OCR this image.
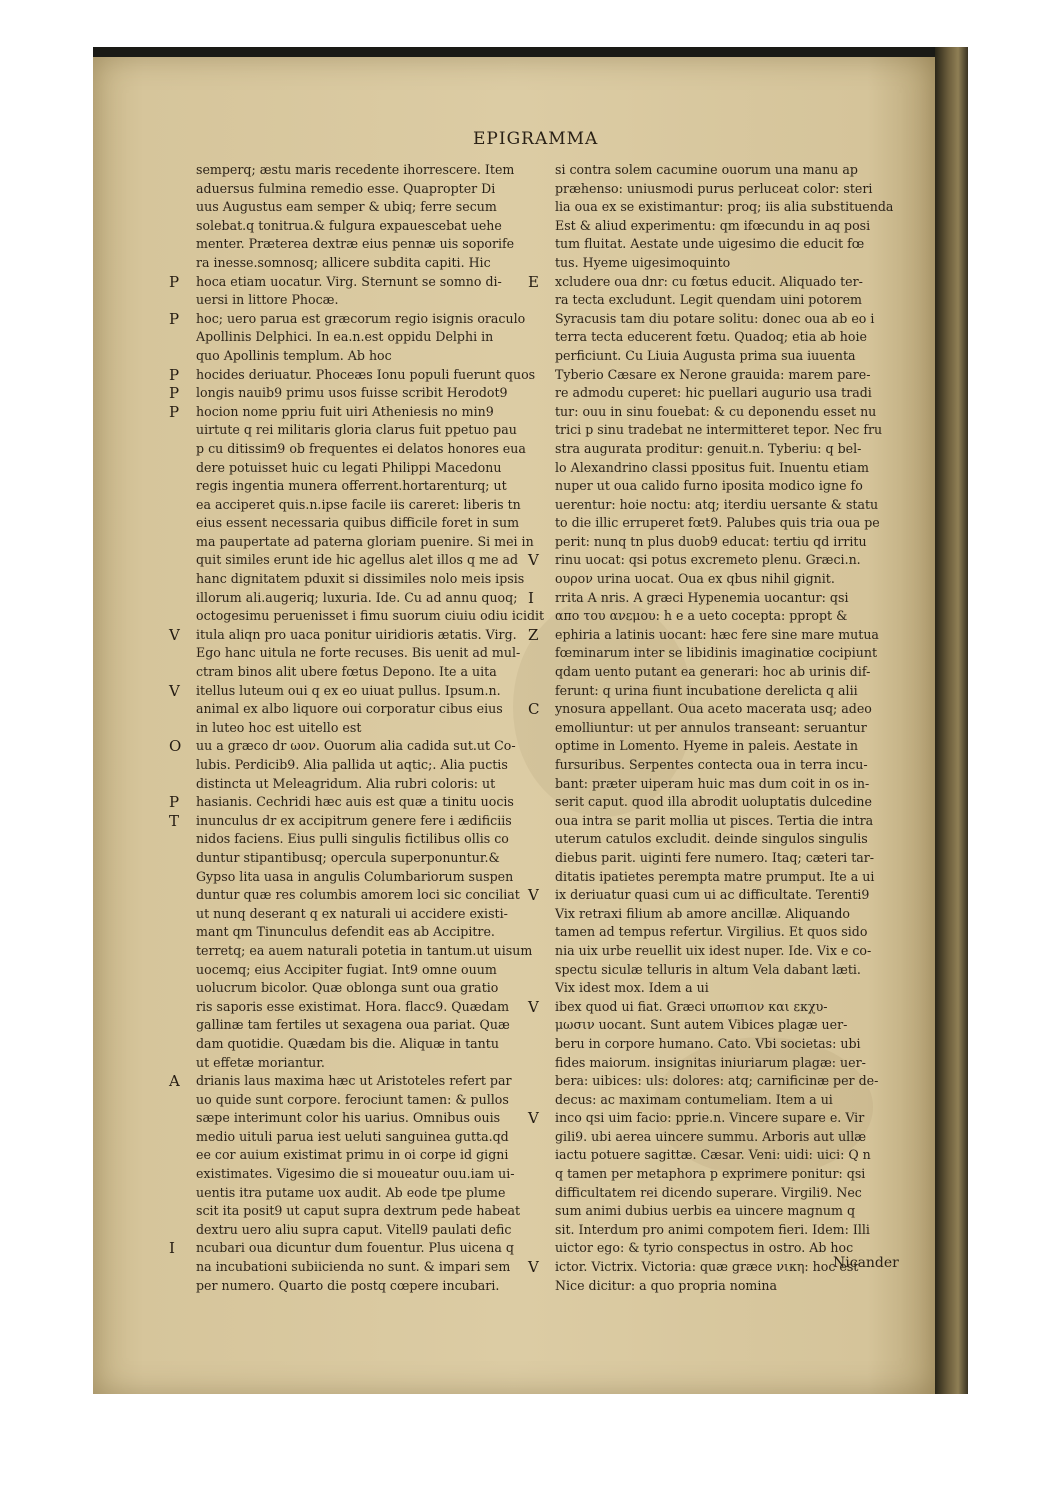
EPIGRAMMA
semperq; æstu maris recedente ihorrescere. Item
aduersus fulmina remedio esse. Quapropter Di
uus Augustus eam semper & ubiq; ferre secum
solebat.q tonitrua.& fulgura expauescebat uehe
menter. Præterea dextræ eius pennæ uis soporife
ra inesse.somnosq; allicere subdita capiti. Hic
P hoca etiam uocatur. Virg. Sternunt se somno di-
uersi in littore Phocæ.
P hoc; uero parua est græcorum regio isignis oraculo
Apollinis Delphici. In ea.n.est oppidu Delphi in
quo Apollinis templum. Ab hoc
P hocides deriuatur. Phoceæs Ionu populi fuerunt quos
P longis nauib9 primu usos fuisse scribit Herodot9
P hocion nome ppriu fuit uiri Atheniesis no min9
uirtute q rei militaris gloria clarus fuit ppetuo pau
p cu ditissim9 ob frequentes ei delatos honores eua
dere potuisset huic cu legati Philippi Macedonu
regis ingentia munera offerrent.hortarenturq; ut
ea acciperet quis.n.ipse facile iis careret: liberis tn
eius essent necessaria quibus difficile foret in sum
ma paupertate ad paterna gloriam puenire. Si mei in
quit similes erunt ide hic agellus alet illos q me ad
hanc dignitatem pduxit si dissimiles nolo meis ipsis
illorum ali.augeriq; luxuria. Ide. Cu ad annu quoq;
octogesimu peruenisset i fimu suorum ciuiu odiu icidit
V itula aliqn pro uaca ponitur uiridioris ætatis. Virg.
Ego hanc uitula ne forte recuses. Bis uenit ad mul-
ctram binos alit ubere fœtus Depono. Ite a uita
V itellus luteum oui q ex eo uiuat pullus. Ipsum.n.
animal ex albo liquore oui corporatur cibus eius
in luteo hoc est uitello est
O uu a græco dr ωον. Ouorum alia cadida sut.ut Co-
lubis. Perdicib9. Alia pallida ut aqtic;. Alia puctis
distincta ut Meleagridum. Alia rubri coloris: ut
P hasianis. Cechridi hæc auis est quæ a tinitu uocis
T inunculus dr ex accipitrum genere fere i ædificiis
nidos faciens. Eius pulli singulis fictilibus ollis co
duntur stipantibusq; opercula superponuntur.&
Gypso lita uasa in angulis Columbariorum suspen
duntur quæ res columbis amorem loci sic conciliat
ut nunq deserant q ex naturali ui accidere existi-
mant qm Tinunculus defendit eas ab Accipitre.
terretq; ea auem naturali potetia in tantum.ut uisum
uocemq; eius Accipiter fugiat. Int9 omne ouum
uolucrum bicolor. Quæ oblonga sunt oua gratio
ris saporis esse existimat. Hora. flacc9. Quædam
gallinæ tam fertiles ut sexagena oua pariat. Quæ
dam quotidie. Quædam bis die. Aliquæ in tantu
ut effetæ moriantur.
A drianis laus maxima hæc ut Aristoteles refert par
uo quide sunt corpore. ferociunt tamen: & pullos
sæpe interimunt color his uarius. Omnibus ouis
medio uituli parua iest ueluti sanguinea gutta.qd
ee cor auium existimat primu in oi corpe id gigni
existimates. Vigesimo die si moueatur ouu.iam ui-
uentis itra putame uox audit. Ab eode tpe plume
scit ita posit9 ut caput supra dextrum pede habeat
dextru uero aliu supra caput. Vitell9 paulati defic
I ncubari oua dicuntur dum fouentur. Plus uicena q
na incubationi subiicienda no sunt. & impari sem
per numero. Quarto die postq cœpere incubari.
si contra solem cacumine ouorum una manu ap
præhenso: uniusmodi purus perluceat color: steri
lia oua ex se existimantur: proq; iis alia substituenda
Est & aliud experimentu: qm ifœcundu in aq posi
tum fluitat. Aestate unde uigesimo die educit fœ
tus. Hyeme uigesimoquinto
E xcludere oua dnr: cu fœtus educit. Aliquado ter-
ra tecta excludunt. Legit quendam uini potorem
Syracusis tam diu potare solitu: donec oua ab eo i
terra tecta educerent fœtu. Quadoq; etia ab hoie
perficiunt. Cu Liuia Augusta prima sua iuuenta
Tyberio Cæsare ex Nerone grauida: marem pare-
re admodu cuperet: hic puellari augurio usa tradi
tur: ouu in sinu fouebat: & cu deponendu esset nu
trici p sinu tradebat ne intermitteret tepor. Nec fru
stra augurata proditur: genuit.n. Tyberiu: q bel-
lo Alexandrino classi ppositus fuit. Inuentu etiam
nuper ut oua calido furno iposita modico igne fo
uerentur: hoie noctu: atq; iterdiu uersante & statu
to die illic erruperet fœt9. Palubes quis tria oua pe
perit: nunq tn plus duob9 educat: tertiu qd irritu
V rinu uocat: qsi potus excremeto plenu. Græci.n.
ουρον urina uocat. Oua ex qbus nihil gignit.
I rrita A nris. A græci Hypenemia uocantur: qsi
απο του ανεμου: h e a ueto cocepta: ppropt &
Z ephiria a latinis uocant: hæc fere sine mare mutua
fœminarum inter se libidinis imaginatiœ cocipiunt
qdam uento putant ea generari: hoc ab urinis dif-
ferunt: q urina fiunt incubatione derelicta q alii
C ynosura appellant. Oua aceto macerata usq; adeo
emolliuntur: ut per annulos transeant: seruantur
optime in Lomento. Hyeme in paleis. Aestate in
fursuribus. Serpentes contecta oua in terra incu-
bant: præter uiperam huic mas dum coit in os in-
serit caput. quod illa abrodit uoluptatis dulcedine
oua intra se parit mollia ut pisces. Tertia die intra
uterum catulos excludit. deinde singulos singulis
diebus parit. uiginti fere numero. Itaq; cæteri tar-
ditatis ipatietes perempta matre prumput. Ite a ui
V ix deriuatur quasi cum ui ac difficultate. Terenti9
Vix retraxi filium ab amore ancillæ. Aliquando
tamen ad tempus refertur. Virgilius. Et quos sido
nia uix urbe reuellit uix idest nuper. Ide. Vix e co-
spectu siculæ telluris in altum Vela dabant læti.
Vix idest mox. Idem a ui
V ibex quod ui fiat. Græci υπωπιον και εκχυ-
μωσιν uocant. Sunt autem Vibices plagæ uer-
beru in corpore humano. Cato. Vbi societas: ubi
fides maiorum. insignitas iniuriarum plagæ: uer-
bera: uibices: uls: dolores: atq; carnificinæ per de-
decus: ac maximam contumeliam. Item a ui
V inco qsi uim facio: pprie.n. Vincere supare e. Vir
gili9. ubi aerea uincere summu. Arboris aut ullæ
iactu potuere sagittæ. Cæsar. Veni: uidi: uici: Q n
q tamen per metaphora p exprimere ponitur: qsi
difficultatem rei dicendo superare. Virgili9. Nec
sum animi dubius uerbis ea uincere magnum q
sit. Interdum pro animi compotem fieri. Idem: Illi
uictor ego: & tyrio conspectus in ostro. Ab hoc
V ictor. Victrix. Victoria: quæ græce νικη: hoc est
Nice dicitur: a quo propria nomina
Nicander
